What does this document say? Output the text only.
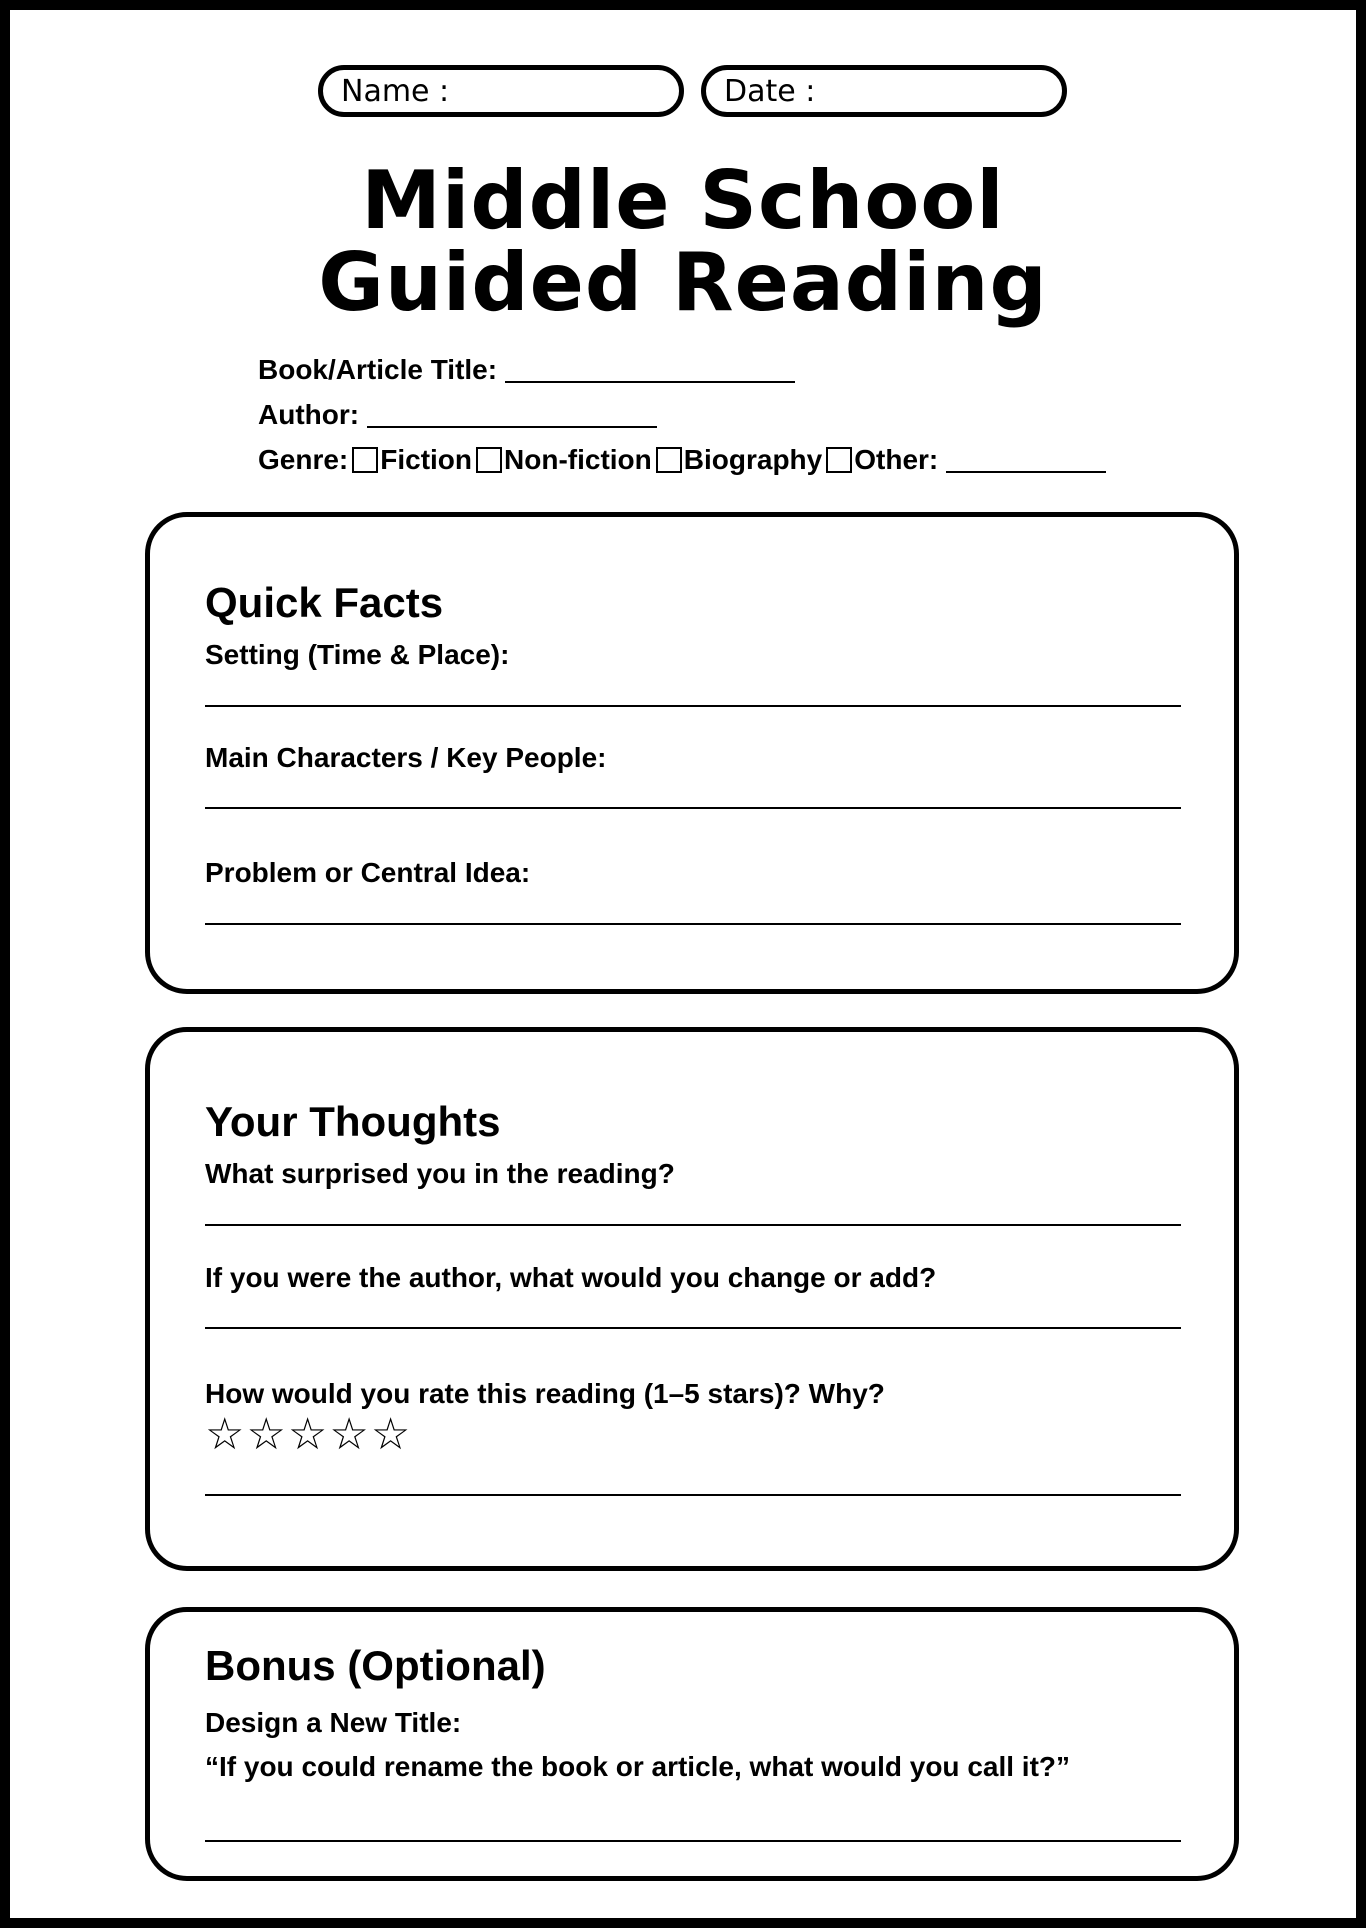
Name :	Date :
Middle School
Guided Reading
Book/Article Title:
Author:
Genre: Fiction Non-fiction Biography Other:
Quick Facts
Setting (Time & Place):
Main Characters / Key People:
Problem or Central Idea:
Your Thoughts
What surprised you in the reading?
If you were the author, what would you change or add?
How would you rate this reading (1–5 stars)? Why?
☆☆☆☆☆
Bonus (Optional)
Design a New Title:
“If you could rename the book or article, what would you call it?”
